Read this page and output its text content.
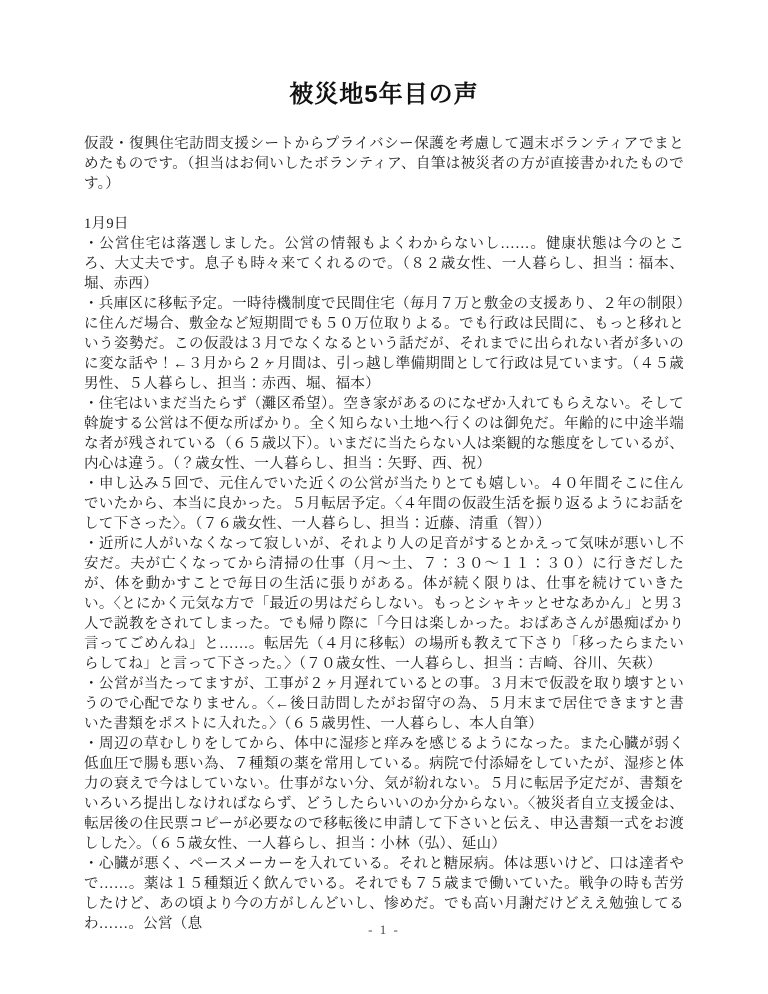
被災地5年目の声

仮設・復興住宅訪問支援シートからプライバシー保護を考慮して週末ボランティアでまとめたものです。（担当はお伺いしたボランティア、自筆は被災者の方が直接書かれたものです。）

1月9日

・公営住宅は落選しました。公営の情報もよくわからないし……。健康状態は今のところ、大丈夫です。息子も時々来てくれるので。（８２歳女性、一人暮らし、担当：福本、堀、赤西）

・兵庫区に移転予定。一時待機制度で民間住宅（毎月７万と敷金の支援あり、２年の制限）に住んだ場合、敷金など短期間でも５０万位取りよる。でも行政は民間に、もっと移れという姿勢だ。この仮設は３月でなくなるという話だが、それまでに出られない者が多いのに変な話や！←３月から２ヶ月間は、引っ越し準備期間として行政は見ています。（４５歳男性、５人暮らし、担当：赤西、堀、福本）

・住宅はいまだ当たらず（灘区希望）。空き家があるのになぜか入れてもらえない。そして斡旋する公営は不便な所ばかり。全く知らない土地へ行くのは御免だ。年齢的に中途半端な者が残されている（６５歳以下）。いまだに当たらない人は楽観的な態度をしているが、内心は違う。（？歳女性、一人暮らし、担当：矢野、西、祝）

・申し込み５回で、元住んでいた近くの公営が当たりとても嬉しい。４０年間そこに住んでいたから、本当に良かった。５月転居予定。〈４年間の仮設生活を振り返るようにお話をして下さった〉。（７６歳女性、一人暮らし、担当：近藤、清重（智））

・近所に人がいなくなって寂しいが、それより人の足音がするとかえって気味が悪いし不安だ。夫が亡くなってから清掃の仕事（月～土、７：３０～１１：３０）に行きだしたが、体を動かすことで毎日の生活に張りがある。体が続く限りは、仕事を続けていきたい。〈とにかく元気な方で「最近の男はだらしない。もっとシャキッとせなあかん」と男３人で説教をされてしまった。でも帰り際に「今日は楽しかった。おばあさんが愚痴ばかり言ってごめんね」と……。転居先（４月に移転）の場所も教えて下さり「移ったらまたいらしてね」と言って下さった。〉（７０歳女性、一人暮らし、担当：吉崎、谷川、矢萩）

・公営が当たってますが、工事が２ヶ月遅れているとの事。３月末で仮設を取り壊すというので心配でなりません。〈←後日訪問したがお留守の為、５月末まで居住できますと書いた書類をポストに入れた。〉（６５歳男性、一人暮らし、本人自筆）

・周辺の草むしりをしてから、体中に湿疹と痒みを感じるようになった。また心臓が弱く低血圧で腸も悪い為、７種類の薬を常用している。病院で付添婦をしていたが、湿疹と体力の衰えで今はしていない。仕事がない分、気が紛れない。５月に転居予定だが、書類をいろいろ提出しなければならず、どうしたらいいのか分からない。〈被災者自立支援金は、転居後の住民票コピーが必要なので移転後に申請して下さいと伝え、申込書類一式をお渡しした〉。（６５歳女性、一人暮らし、担当：小林（弘）、延山）

・心臓が悪く、ペースメーカーを入れている。それと糖尿病。体は悪いけど、口は達者やで……。薬は１５種類近く飲んでいる。それでも７５歳まで働いていた。戦争の時も苦労したけど、あの頃より今の方がしんどいし、惨めだ。でも高い月謝だけどええ勉強してるわ……。公営（息	- 1 -
